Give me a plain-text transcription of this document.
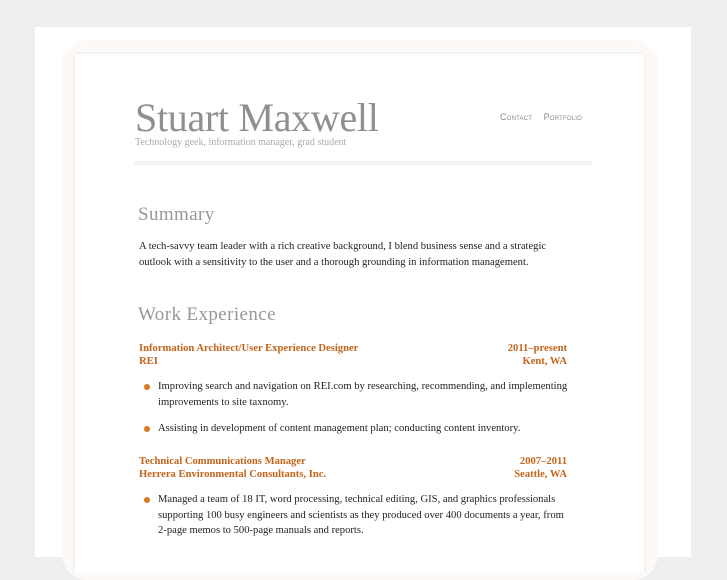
Stuart Maxwell
Technology geek, information manager, grad student
Contact Portfolio
Summary
A tech-savvy team leader with a rich creative background, I blend business sense and a strategic outlook with a sensitivity to the user and a thorough grounding in information management.
Work Experience
Information Architect/User Experience Designer	2011–present
REI	Kent, WA
Improving search and navigation on REI.com by researching, recommending, and implementing improvements to site taxnomy.
Assisting in development of content management plan; conducting content inventory.
Technical Communications Manager	2007–2011
Herrera Environmental Consultants, Inc.	Seattle, WA
Managed a team of 18 IT, word processing, technical editing, GIS, and graphics professionals supporting 100 busy engineers and scientists as they produced over 400 documents a year, from 2-page memos to 500-page manuals and reports.
